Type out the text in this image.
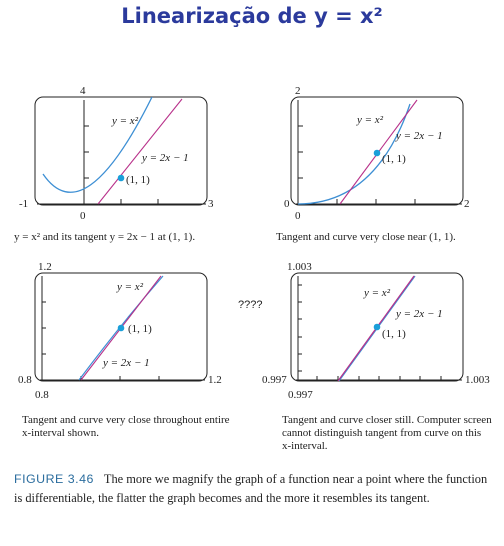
Linearização de y = x²
y = x²
y = 2x − 1
(1, 1)
-1	3
4
0
y = x²
y = 2x − 1
(1, 1)
0	2
2
0
y = x²
y = 2x − 1
(1, 1)
0.8
1.2
1.2
0.8
y = x²
y = 2x − 1
(1, 1)
0.997
1.003
1.003
0.997
????
y = x² and its tangent y = 2x − 1 at (1, 1).	Tangent and curve very close near (1, 1).
Tangent and curve very close throughout entire x-interval shown.
Tangent and curve closer still. Computer screen cannot distinguish tangent from curve on this x-interval.
FIGURE 3.46 The more we magnify the graph of a function near a point where the function is differentiable, the flatter the graph becomes and the more it resembles its tangent.
